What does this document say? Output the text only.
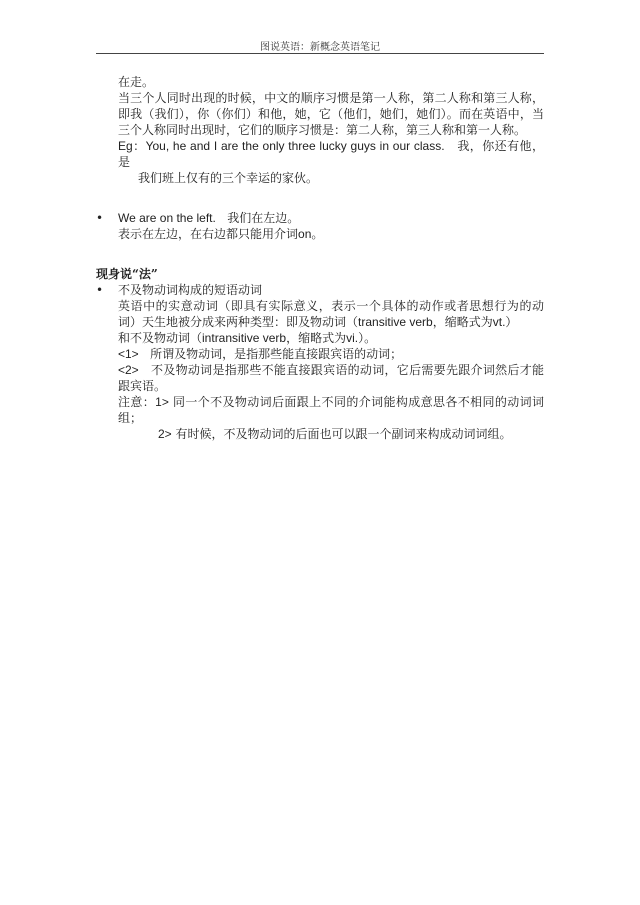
图说英语：新概念英语笔记

在走。

当三个人同时出现的时候，中文的顺序习惯是第一人称，第二人称和第三人称，即我（我们），你（你们）和他，她，它（他们，她们，她们）。而在英语中，当三个人称同时出现时，它们的顺序习惯是：第二人称，第三人称和第一人称。

Eg：You, he and I are the only three lucky guys in our class. 我，你还有他，是

我们班上仅有的三个幸运的家伙。

•	We are on the left. 我们在左边。

表示在左边，在右边都只能用介词on。

现身说“法”

•	不及物动词构成的短语动词

英语中的实意动词（即具有实际意义，表示一个具体的动作或者思想行为的动词）天生地被分成来两种类型：即及物动词（transitive verb，缩略式为vt.）

和不及物动词（intransitive verb，缩略式为vi.）。

<1> 所谓及物动词，是指那些能直接跟宾语的动词；

<2> 不及物动词是指那些不能直接跟宾语的动词，它后需要先跟介词然后才能跟宾语。

注意：1> 同一个不及物动词后面跟上不同的介词能构成意思各不相同的动词词组；

2> 有时候，不及物动词的后面也可以跟一个副词来构成动词词组。
